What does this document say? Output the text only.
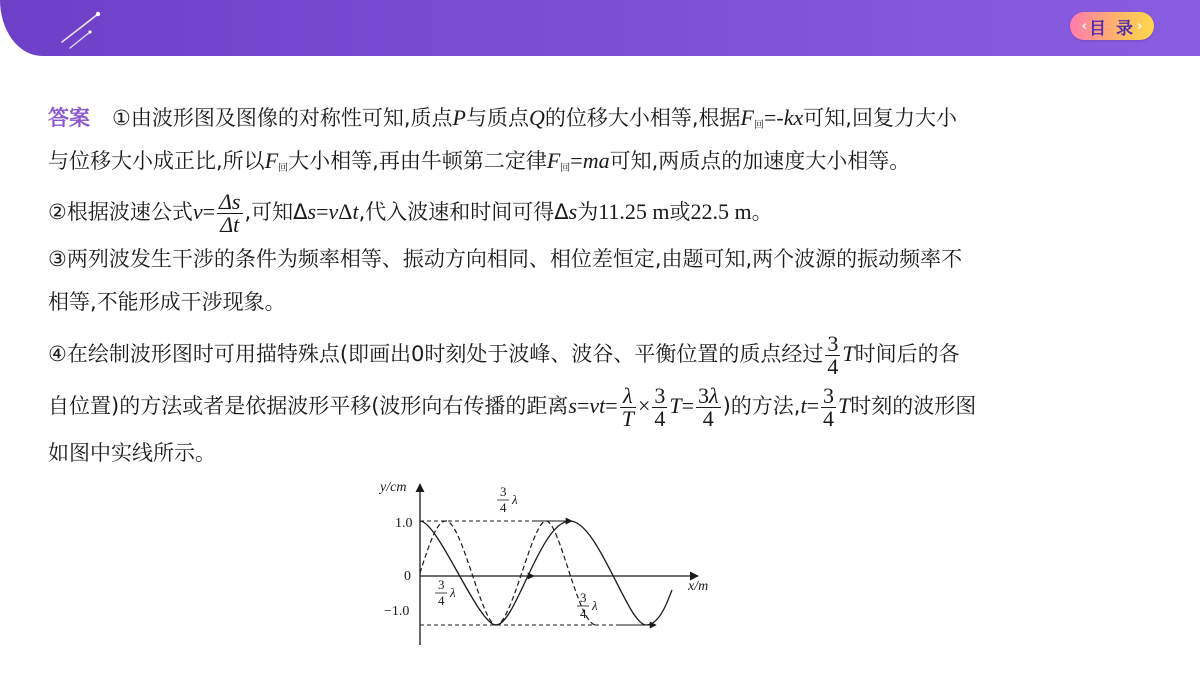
‹ 目 录 ›
答案 ①由波形图及图像的对称性可知,质点P与质点Q的位移大小相等,根据$F_回=-kx$可知,回复力大小
与位移大小成正比,所以$F_回$大小相等,再由牛顿第二定律$F_回=ma$可知,两质点的加速度大小相等。
②根据波速公式$v= \frac{\Delta s}{\Delta t}$ ,可知Δs=vΔt,代入波速和时间可得Δs为11.25 m或22.5 m。
③两列波发生干涉的条件为频率相等、振动方向相同、相位差恒定,由题可知,两个波源的振动频率不
相等,不能形成干涉现象。
④在绘制波形图时可用描特殊点(即画出0时刻处于波峰、波谷、平衡位置的质点经过 $\frac{3}{4}$ T时间后的各
自位置)的方法或者是依据波形平移(波形向右传播的距离$s=vt= \frac{\lambda}{T} \times \frac{3}{4} T= \frac{3\lambda}{4}$ )的方法$,t= \frac{3}{4}$ T时刻的波形图
如图中实线所示。
y/cm
x/m
1.0
0
−1.0
3
4
λ
3
4
λ	3
4
λ
